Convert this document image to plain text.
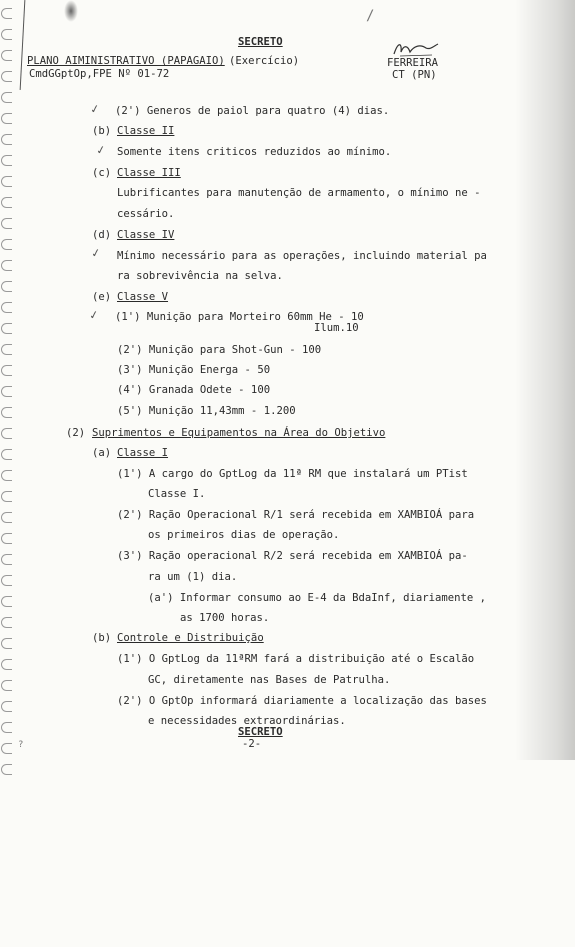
SECRETO
PLANO AIMINISTRATIVO (PAPAGAIO) (Exercício)
CmdGGptOp,FPE Nº 01-72
FERREIRA
CT (PN)
✓
✓
✓
✓
(2') Generos de paiol para quatro (4) dias.
(b) Classe II
Somente itens criticos reduzidos ao mínimo.
(c) Classe III
Lubrificantes para manutenção de armamento, o mínimo ne -
cessário.
(d) Classe IV
Mínimo necessário para as operações, incluindo material pa
ra sobrevivência na selva.
(e) Classe V
(1') Munição para Morteiro 60mm He - 10
Ilum.10
(2') Munição para Shot-Gun - 100
(3') Munição Energa - 50
(4') Granada Odete - 100
(5') Munição 11,43mm - 1.200
(2) Suprimentos e Equipamentos na Área do Objetivo
(a) Classe I
(1') A cargo do GptLog da 11ª RM que instalará um PTist
Classe I.
(2') Ração Operacional R/1 será recebida em XAMBIOÁ para
os primeiros dias de operação.
(3') Ração operacional R/2 será recebida em XAMBIOÁ pa-
ra um (1) dia.
(a') Informar consumo ao E-4 da BdaInf, diariamente ,
as 1700 horas.
(b) Controle e Distribuição
(1') O GptLog da 11ªRM fará a distribuição até o Escalão
GC, diretamente nas Bases de Patrulha.
(2') O GptOp informará diariamente a localização das bases
e necessidades extraordinárias.
SECRETO
-2-
/
?
